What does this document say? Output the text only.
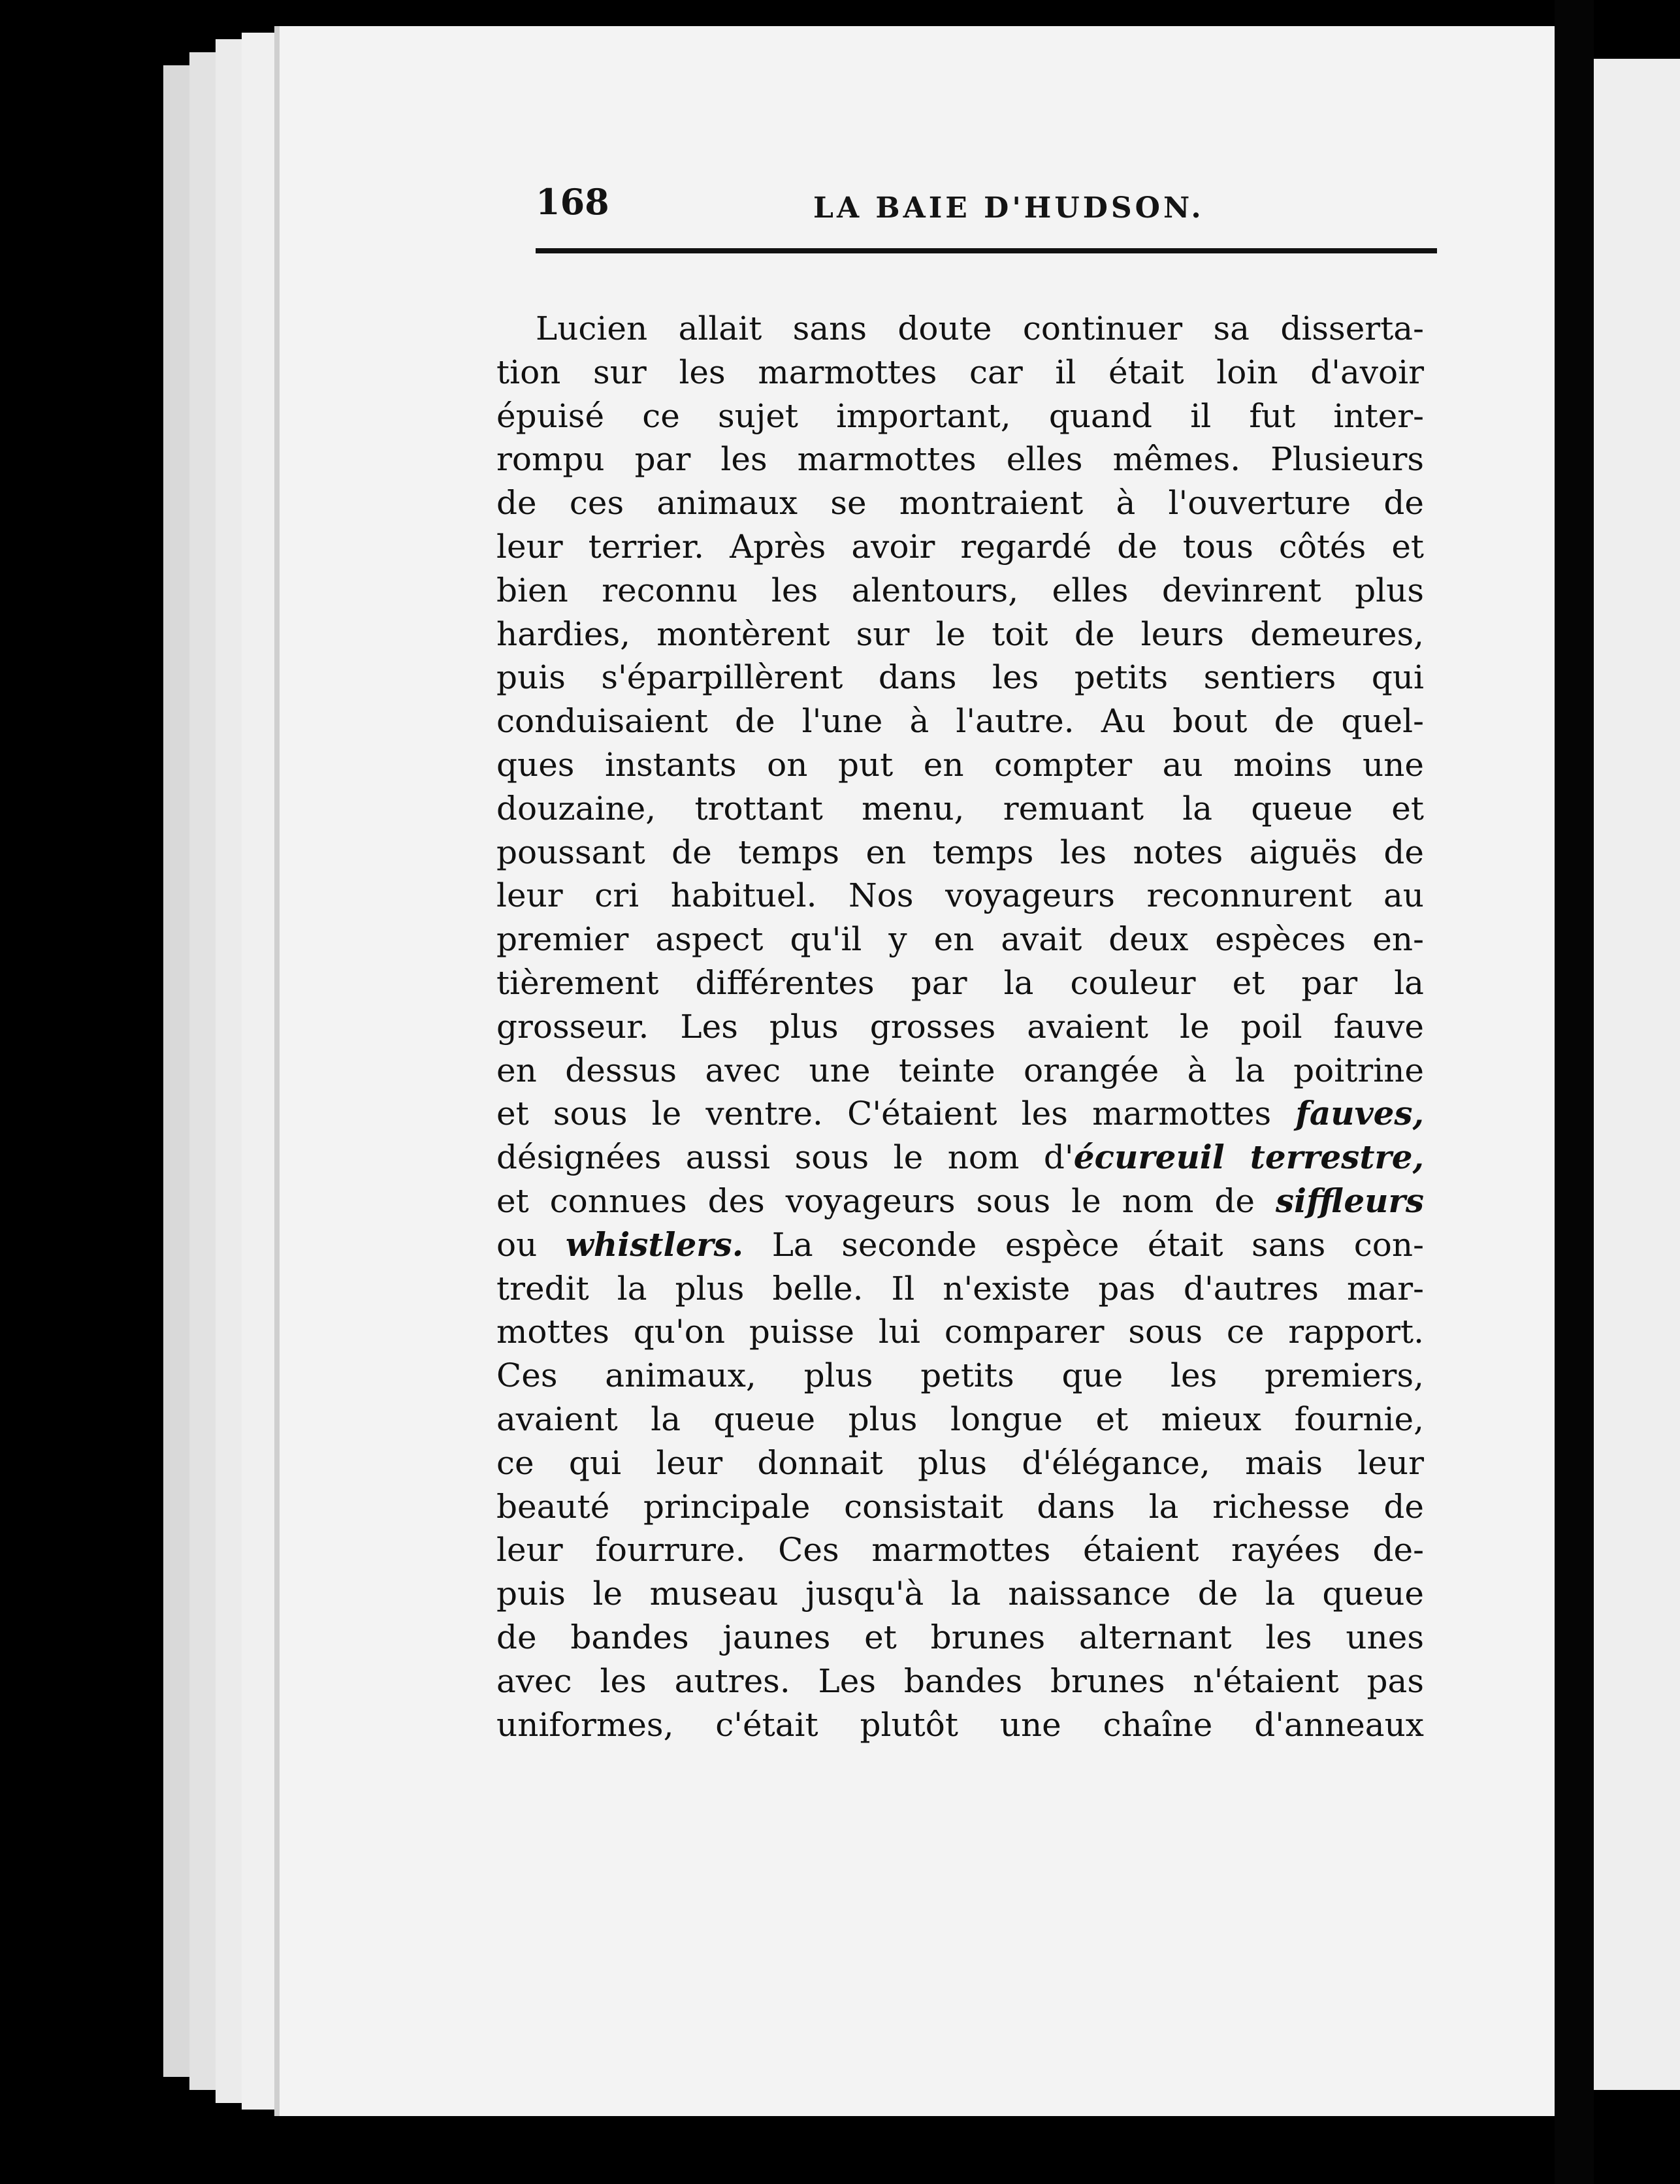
168	LA BAIE D'HUDSON.
Lucien allait sans doute continuer sa disserta-
tion sur les marmottes car il était loin d'avoir
épuisé ce sujet important, quand il fut inter-
rompu par les marmottes elles mêmes. Plusieurs
de ces animaux se montraient à l'ouverture de
leur terrier. Après avoir regardé de tous côtés et
bien reconnu les alentours, elles devinrent plus
hardies, montèrent sur le toit de leurs demeures,
puis s'éparpillèrent dans les petits sentiers qui
conduisaient de l'une à l'autre. Au bout de quel-
ques instants on put en compter au moins une
douzaine, trottant menu, remuant la queue et
poussant de temps en temps les notes aiguës de
leur cri habituel. Nos voyageurs reconnurent au
premier aspect qu'il y en avait deux espèces en-
tièrement différentes par la couleur et par la
grosseur. Les plus grosses avaient le poil fauve
en dessus avec une teinte orangée à la poitrine
et sous le ventre. C'étaient les marmottes fauves,
désignées aussi sous le nom d'écureuil terrestre,
et connues des voyageurs sous le nom de siffleurs
ou whistlers. La seconde espèce était sans con-
tredit la plus belle. Il n'existe pas d'autres mar-
mottes qu'on puisse lui comparer sous ce rapport.
Ces animaux, plus petits que les premiers,
avaient la queue plus longue et mieux fournie,
ce qui leur donnait plus d'élégance, mais leur
beauté principale consistait dans la richesse de
leur fourrure. Ces marmottes étaient rayées de-
puis le museau jusqu'à la naissance de la queue
de bandes jaunes et brunes alternant les unes
avec les autres. Les bandes brunes n'étaient pas
uniformes, c'était plutôt une chaîne d'anneaux
